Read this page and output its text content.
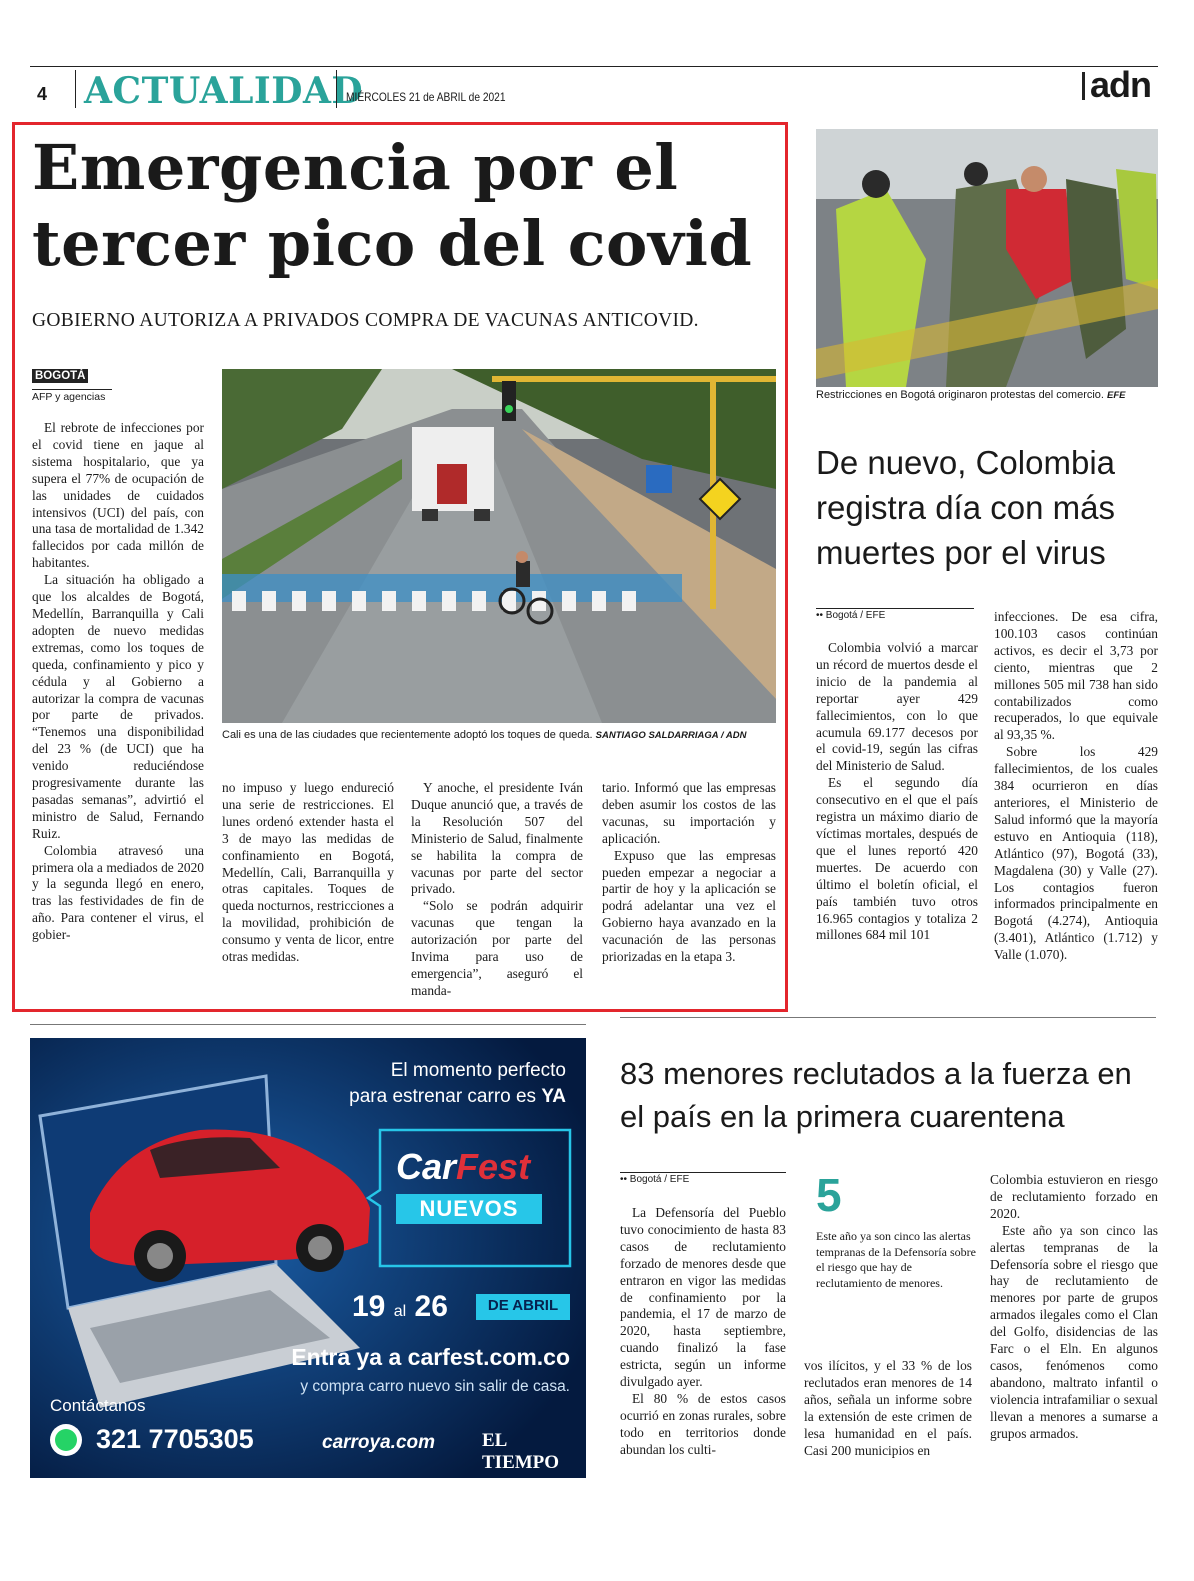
4 ACTUALIDAD
MIÉRCOLES 21 de ABRIL de 2021	adn
Emergencia por el
tercer pico del covid
GOBIERNO AUTORIZA A PRIVADOS COMPRA DE VACUNAS ANTICOVID.
BOGOTÁ
AFP y agencias

El rebrote de infecciones por el covid tiene en jaque al sistema hospitalario, que ya supera el 77% de ocupación de las unidades de cuidados intensivos (UCI) del país, con una tasa de mortalidad de 1.342 fallecidos por cada millón de habitantes.

La situación ha obligado a que los alcaldes de Bogotá, Medellín, Barranquilla y Cali adopten de nuevo medidas extremas, como los toques de queda, confinamiento y pico y cédula y al Gobierno a autorizar la compra de vacunas por parte de privados. “Tenemos una disponibilidad del 23 % (de UCI) que ha venido reduciéndose progresivamente durante las pasadas semanas”, advirtió el ministro de Salud, Fernando Ruiz.

Colombia atravesó una primera ola a mediados de 2020 y la segunda llegó en enero, tras las festividades de fin de año. Para contener el virus, el gobier-

Cali es una de las ciudades que recientemente adoptó los toques de queda. SANTIAGO SALDARRIAGA / ADN

no impuso y luego endureció una serie de restricciones. El lunes ordenó extender hasta el 3 de mayo las medidas de confinamiento en Bogotá, Medellín, Cali, Barranquilla y otras capitales. Toques de queda nocturnos, restricciones a la movilidad, prohibición de consumo y venta de licor, entre otras medidas.

Y anoche, el presidente Iván Duque anunció que, a través de la Resolución 507 del Ministerio de Salud, finalmente se habilita la compra de vacunas por parte del sector privado.

“Solo se podrán adquirir vacunas que tengan la autorización por parte del Invima para uso de emergencia”, aseguró el manda-

tario. Informó que las empresas deben asumir los costos de las vacunas, su importación y aplicación.

Expuso que las empresas pueden empezar a negociar a partir de hoy y la aplicación se podrá adelantar una vez el Gobierno haya avanzado en la vacunación de las personas priorizadas en la etapa 3.

Restricciones en Bogotá originaron protestas del comercio. EFE
De nuevo, Colombia registra día con más muertes por el virus
•• Bogotá / EFE

Colombia volvió a marcar un récord de muertos desde el inicio de la pandemia al reportar ayer 429 fallecimientos, con lo que acumula 69.177 decesos por el covid-19, según las cifras del Ministerio de Salud.

Es el segundo día consecutivo en el que el país registra un máximo diario de víctimas mortales, después de que el lunes reportó 420 muertes. De acuerdo con último el boletín oficial, el país también tuvo otros 16.965 contagios y totaliza 2 millones 684 mil 101

infecciones. De esa cifra, 100.103 casos continúan activos, es decir el 3,73 por ciento, mientras que 2 millones 505 mil 738 han sido contabilizados como recuperados, lo que equivale al 93,35 %.

Sobre los 429 fallecimientos, de los cuales 384 ocurrieron en días anteriores, el Ministerio de Salud informó que la mayoría estuvo en Antioquia (118), Atlántico (97), Bogotá (33), Magdalena (30) y Valle (27). Los contagios fueron informados principalmente en Bogotá (4.274), Antioquia (3.401), Atlántico (1.712) y Valle (1.070).

El momento perfecto
para estrenar carro es YA
CarFest
NUEVOS
19 al 26	DE ABRIL
Entra ya a carfest.com.co
y compra carro nuevo sin salir de casa.
Contáctanos
321 7705305	carroya.com EL TIEMPO
83 menores reclutados a la fuerza en el país en la primera cuarentena
•• Bogotá / EFE

La Defensoría del Pueblo tuvo conocimiento de hasta 83 casos de reclutamiento forzado de menores desde que entraron en vigor las medidas de confinamiento por la pandemia, el 17 de marzo de 2020, hasta septiembre, cuando finalizó la fase estricta, según un informe divulgado ayer.

El 80 % de estos casos ocurrió en zonas rurales, sobre todo en territorios donde abundan los culti-

5
Este año ya son cinco las alertas tempranas de la Defensoría sobre el riesgo que hay de reclutamiento de menores.

vos ilícitos, y el 33 % de los reclutados eran menores de 14 años, señala un informe sobre la extensión de este crimen de lesa humanidad en el país. Casi 200 municipios en

Colombia estuvieron en riesgo de reclutamiento forzado en 2020.

Este año ya son cinco las alertas tempranas de la Defensoría sobre el riesgo que hay de reclutamiento de menores por parte de grupos armados ilegales como el Clan del Golfo, disidencias de las Farc o el Eln. En algunos casos, fenómenos como abandono, maltrato infantil o violencia intrafamiliar o sexual llevan a menores a sumarse a grupos armados.
